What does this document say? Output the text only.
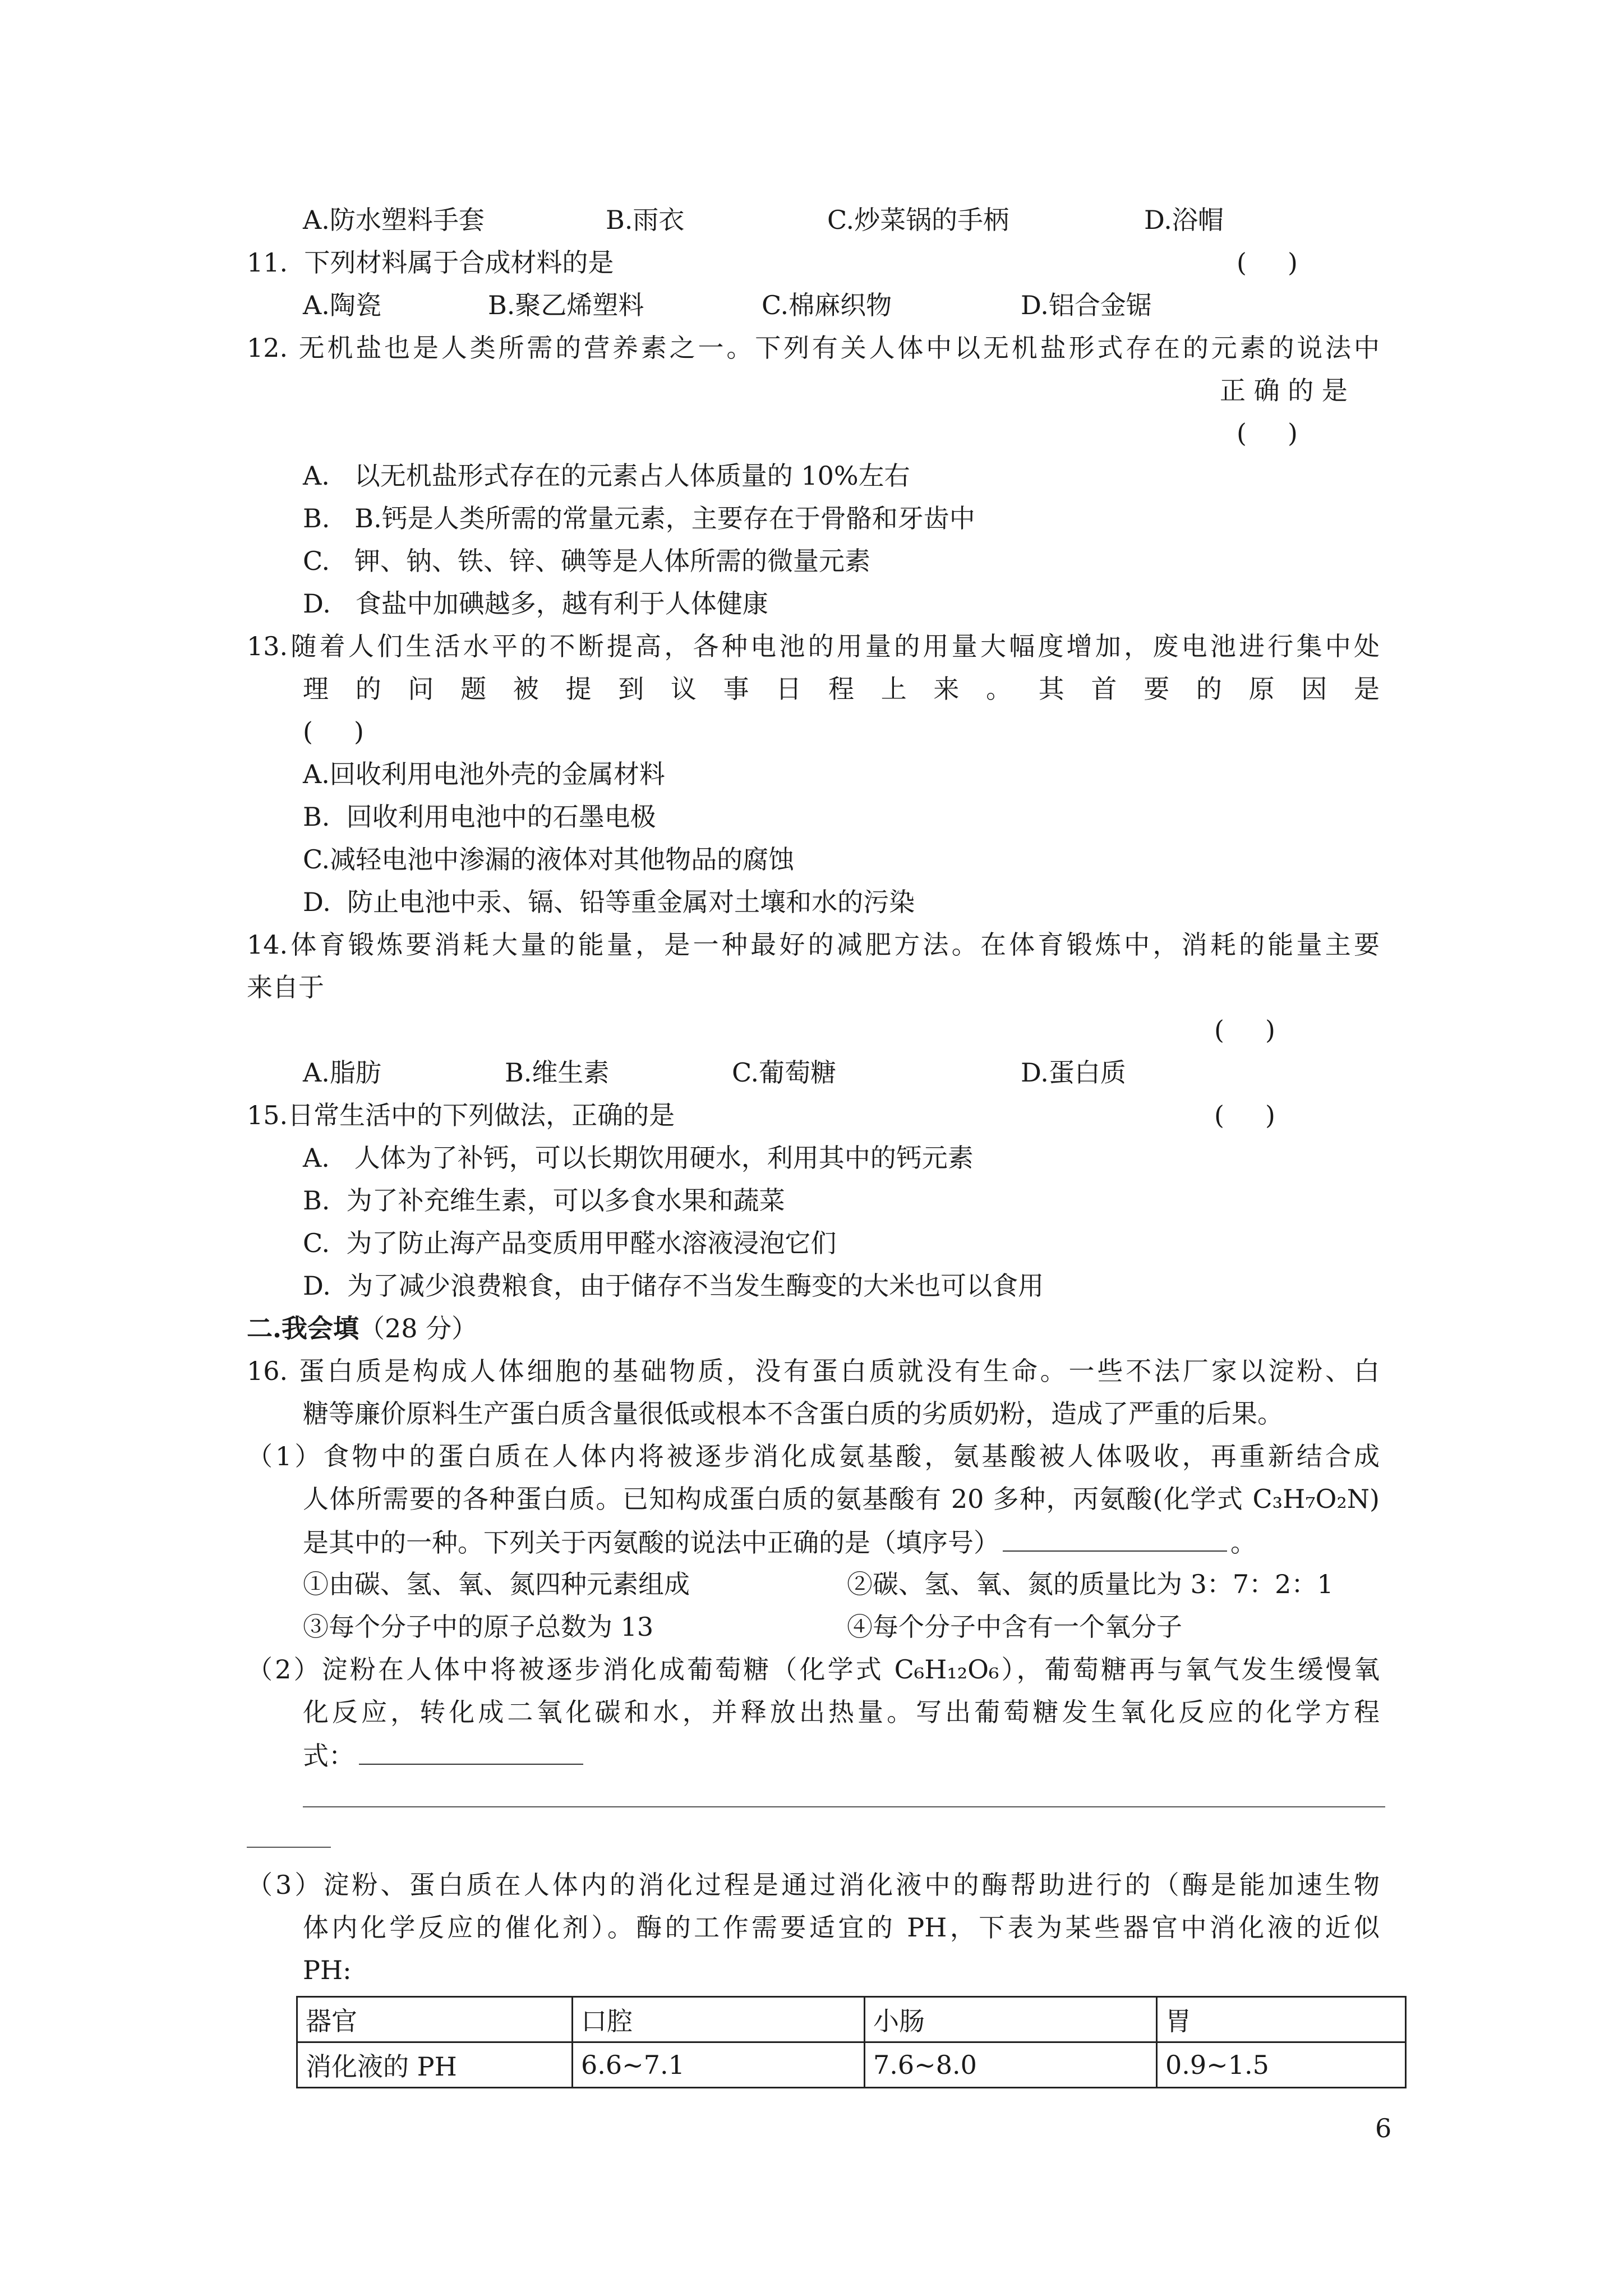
A.防水塑料手套	B.雨衣	C.炒菜锅的手柄	D.浴帽
11.  下列材料属于合成材料的是	(     )
A.陶瓷	B.聚乙烯塑料	C.棉麻织物	D.铝合金锯
12. 无机盐也是人类所需的营养素之一。下列有关人体中以无机盐形式存在的元素的说法中
正 确 的 是
(     )
A.   以无机盐形式存在的元素占人体质量的 10%左右
B.   B.钙是人类所需的常量元素，主要存在于骨骼和牙齿中
C.   钾、钠、铁、锌、碘等是人体所需的微量元素
D.   食盐中加碘越多，越有利于人体健康
13.随着人们生活水平的不断提高，各种电池的用量的用量大幅度增加，废电池进行集中处
理 的 问 题 被 提 到 议 事 日 程 上 来 。 其 首 要 的 原 因 是
(     )
A.回收利用电池外壳的金属材料
B.  回收利用电池中的石墨电极
C.减轻电池中渗漏的液体对其他物品的腐蚀
D.  防止电池中汞、镉、铅等重金属对土壤和水的污染
14.体育锻炼要消耗大量的能量，是一种最好的减肥方法。在体育锻炼中，消耗的能量主要
来自于
(     )
A.脂肪	B.维生素	C.葡萄糖	D.蛋白质
15.日常生活中的下列做法，正确的是	(     )
A.   人体为了补钙，可以长期饮用硬水，利用其中的钙元素
B.  为了补充维生素，可以多食水果和蔬菜
C.  为了防止海产品变质用甲醛水溶液浸泡它们
D.  为了减少浪费粮食，由于储存不当发生酶变的大米也可以食用
二.我会填（28 分）
16. 蛋白质是构成人体细胞的基础物质，没有蛋白质就没有生命。一些不法厂家以淀粉、白
糖等廉价原料生产蛋白质含量很低或根本不含蛋白质的劣质奶粉，造成了严重的后果。
（1）食物中的蛋白质在人体内将被逐步消化成氨基酸，氨基酸被人体吸收，再重新结合成
人体所需要的各种蛋白质。已知构成蛋白质的氨基酸有 20 多种，丙氨酸(化学式 C₃H₇O₂N)
是其中的一种。下列关于丙氨酸的说法中正确的是（填序号）	。
①由碳、氢、氧、氮四种元素组成	②碳、氢、氧、氮的质量比为 3：7：2：1
③每个分子中的原子总数为 13	④每个分子中含有一个氧分子
（2）淀粉在人体中将被逐步消化成葡萄糖（化学式 C₆H₁₂O₆），葡萄糖再与氧气发生缓慢氧
化反应，转化成二氧化碳和水，并释放出热量。写出葡萄糖发生氧化反应的化学方程
式：
（3）淀粉、蛋白质在人体内的消化过程是通过消化液中的酶帮助进行的（酶是能加速生物
体内化学反应的催化剂）。酶的工作需要适宜的 PH，下表为某些器官中消化液的近似
PH:
器官	口腔	小肠	胃
消化液的 PH	6.6~7.1	7.6~8.0	0.9~1.5
6
